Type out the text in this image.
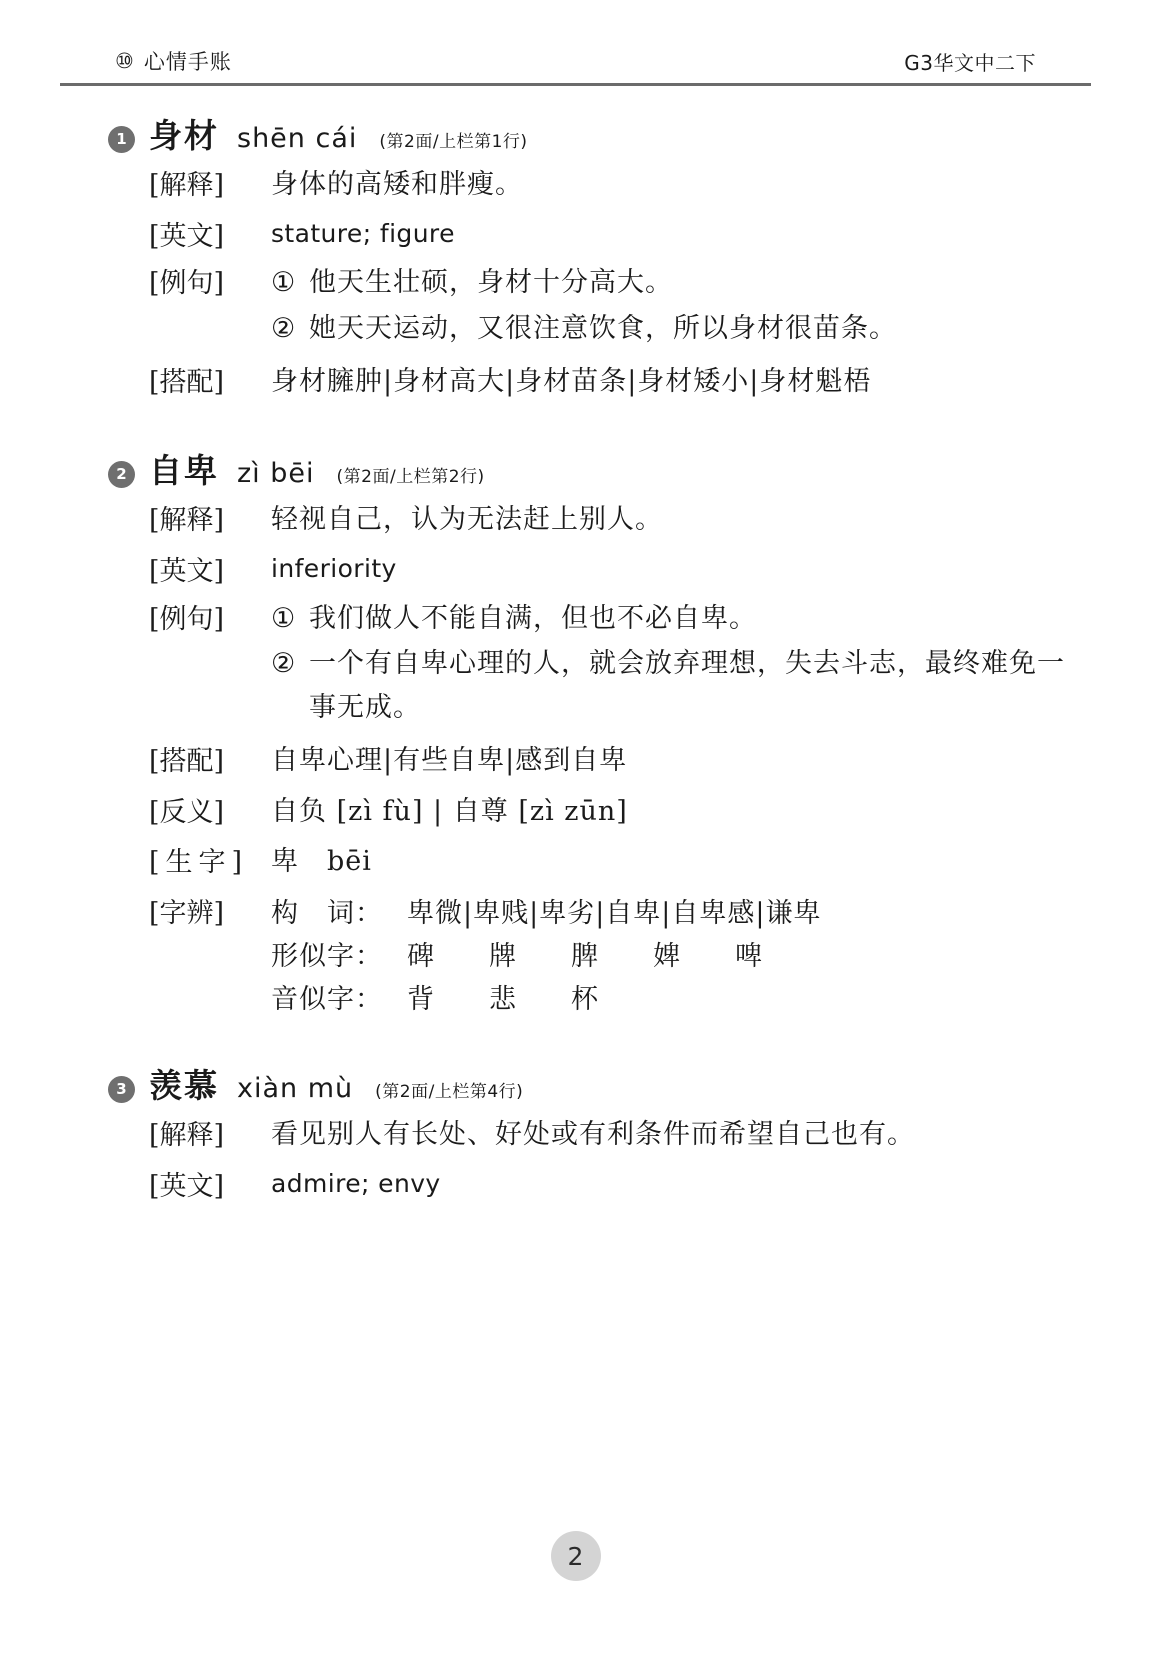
⑩ 心情手账	G3华文中二下
1 身材 shēn cái (第2面/上栏第1行)
[解释]	身体的高矮和胖瘦。
[英文]	stature; figure
[例句]	① 他天生壮硕，身材十分高大。
② 她天天运动，又很注意饮食，所以身材很苗条。
[搭配]	身材臃肿|身材高大|身材苗条|身材矮小|身材魁梧
2 自卑 zì bēi (第2面/上栏第2行)
[解释]	轻视自己，认为无法赶上别人。
[英文]	inferiority
[例句]	① 我们做人不能自满，但也不必自卑。
② 一个有自卑心理的人，就会放弃理想，失去斗志，最终难免一事无成。
[搭配]	自卑心理|有些自卑|感到自卑
[反义]	自负 [zì fù] | 自尊 [zì zūn]
[生字] 卑　bēi
[字辨]	构　词： 卑微|卑贱|卑劣|自卑|自卑感|谦卑
形似字： 碑　牌　脾　婢　啤
音似字： 背　悲　杯
3 羡慕 xiàn mù (第2面/上栏第4行)
[解释]	看见别人有长处、好处或有利条件而希望自己也有。
[英文]	admire; envy
2
